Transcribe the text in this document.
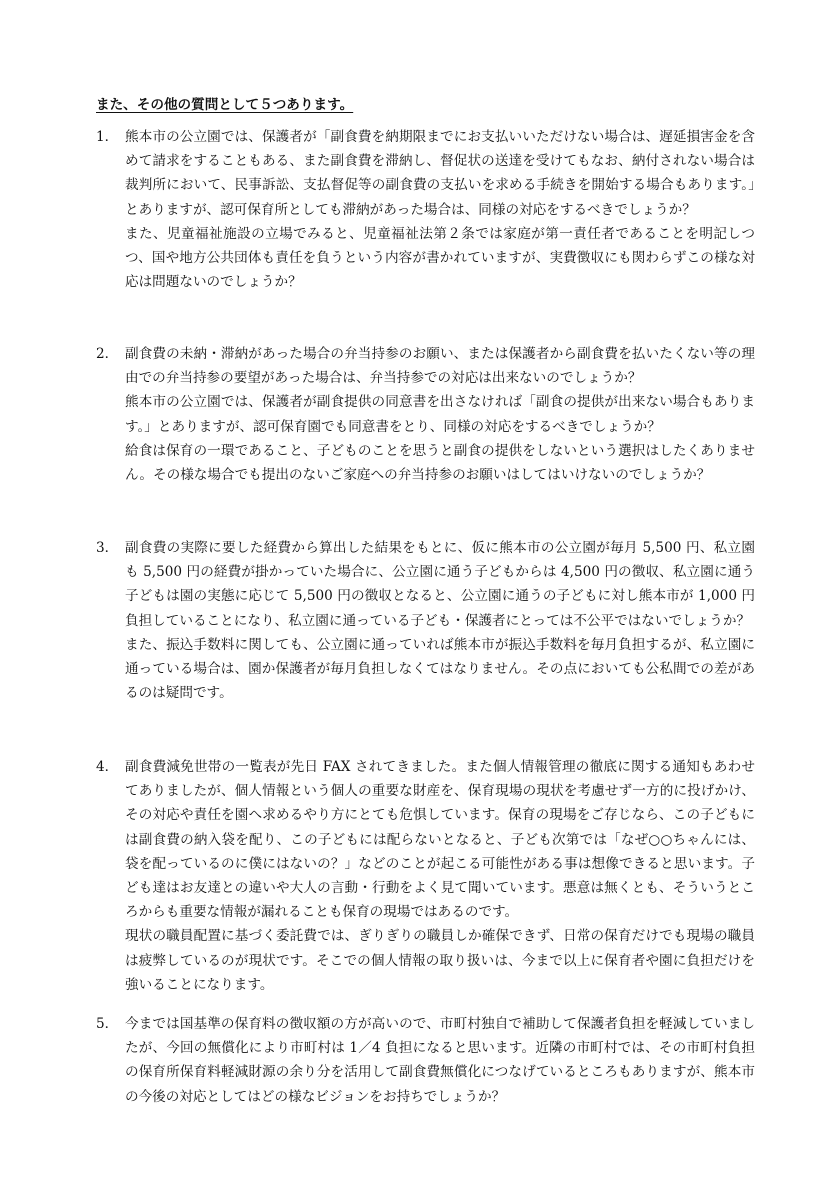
また、その他の質問として５つあります。
1． 熊本市の公立園では、保護者が「副食費を納期限までにお支払いいただけない場合は、遅延損害金を含めて請求をすることもある、また副食費を滞納し、督促状の送達を受けてもなお、納付されない場合は裁判所において、民事訴訟、支払督促等の副食費の支払いを求める手続きを開始する場合もあります。」とありますが、認可保育所としても滞納があった場合は、同様の対応をするべきでしょうか？

また、児童福祉施設の立場でみると、児童福祉法第２条では家庭が第一責任者であることを明記しつつ、国や地方公共団体も責任を負うという内容が書かれていますが、実費徴収にも関わらずこの様な対応は問題ないのでしょうか？

2． 副食費の未納・滞納があった場合の弁当持参のお願い、または保護者から副食費を払いたくない等の理由での弁当持参の要望があった場合は、弁当持参での対応は出来ないのでしょうか？

熊本市の公立園では、保護者が副食提供の同意書を出さなければ「副食の提供が出来ない場合もあります。」とありますが、認可保育園でも同意書をとり、同様の対応をするべきでしょうか？

給食は保育の一環であること、子どものことを思うと副食の提供をしないという選択はしたくありません。その様な場合でも提出のないご家庭への弁当持参のお願いはしてはいけないのでしょうか？

3． 副食費の実際に要した経費から算出した結果をもとに、仮に熊本市の公立園が毎月 5,500 円、私立園も 5,500 円の経費が掛かっていた場合に、公立園に通う子どもからは 4,500 円の徴収、私立園に通う子どもは園の実態に応じて 5,500 円の徴収となると、公立園に通うの子どもに対し熊本市が 1,000 円負担していることになり、私立園に通っている子ども・保護者にとっては不公平ではないでしょうか？

また、振込手数料に関しても、公立園に通っていれば熊本市が振込手数料を毎月負担するが、私立園に通っている場合は、園か保護者が毎月負担しなくてはなりません。その点においても公私間での差があるのは疑問です。

4． 副食費減免世帯の一覧表が先日 FAX されてきました。また個人情報管理の徹底に関する通知もあわせてありましたが、個人情報という個人の重要な財産を、保育現場の現状を考慮せず一方的に投げかけ、その対応や責任を園へ求めるやり方にとても危惧しています。保育の現場をご存じなら、この子どもには副食費の納入袋を配り、この子どもには配らないとなると、子ども次第では「なぜ○○ちゃんには、袋を配っているのに僕にはないの？」などのことが起こる可能性がある事は想像できると思います。子ども達はお友達との違いや大人の言動・行動をよく見て聞いています。悪意は無くとも、そういうところからも重要な情報が漏れることも保育の現場ではあるのです。

現状の職員配置に基づく委託費では、ぎりぎりの職員しか確保できず、日常の保育だけでも現場の職員は疲弊しているのが現状です。そこでの個人情報の取り扱いは、今まで以上に保育者や園に負担だけを強いることになります。

5． 今までは国基準の保育料の徴収額の方が高いので、市町村独自で補助して保護者負担を軽減していましたが、今回の無償化により市町村は 1／4 負担になると思います。近隣の市町村では、その市町村負担の保育所保育料軽減財源の余り分を活用して副食費無償化につなげているところもありますが、熊本市の今後の対応としてはどの様なビジョンをお持ちでしょうか？
